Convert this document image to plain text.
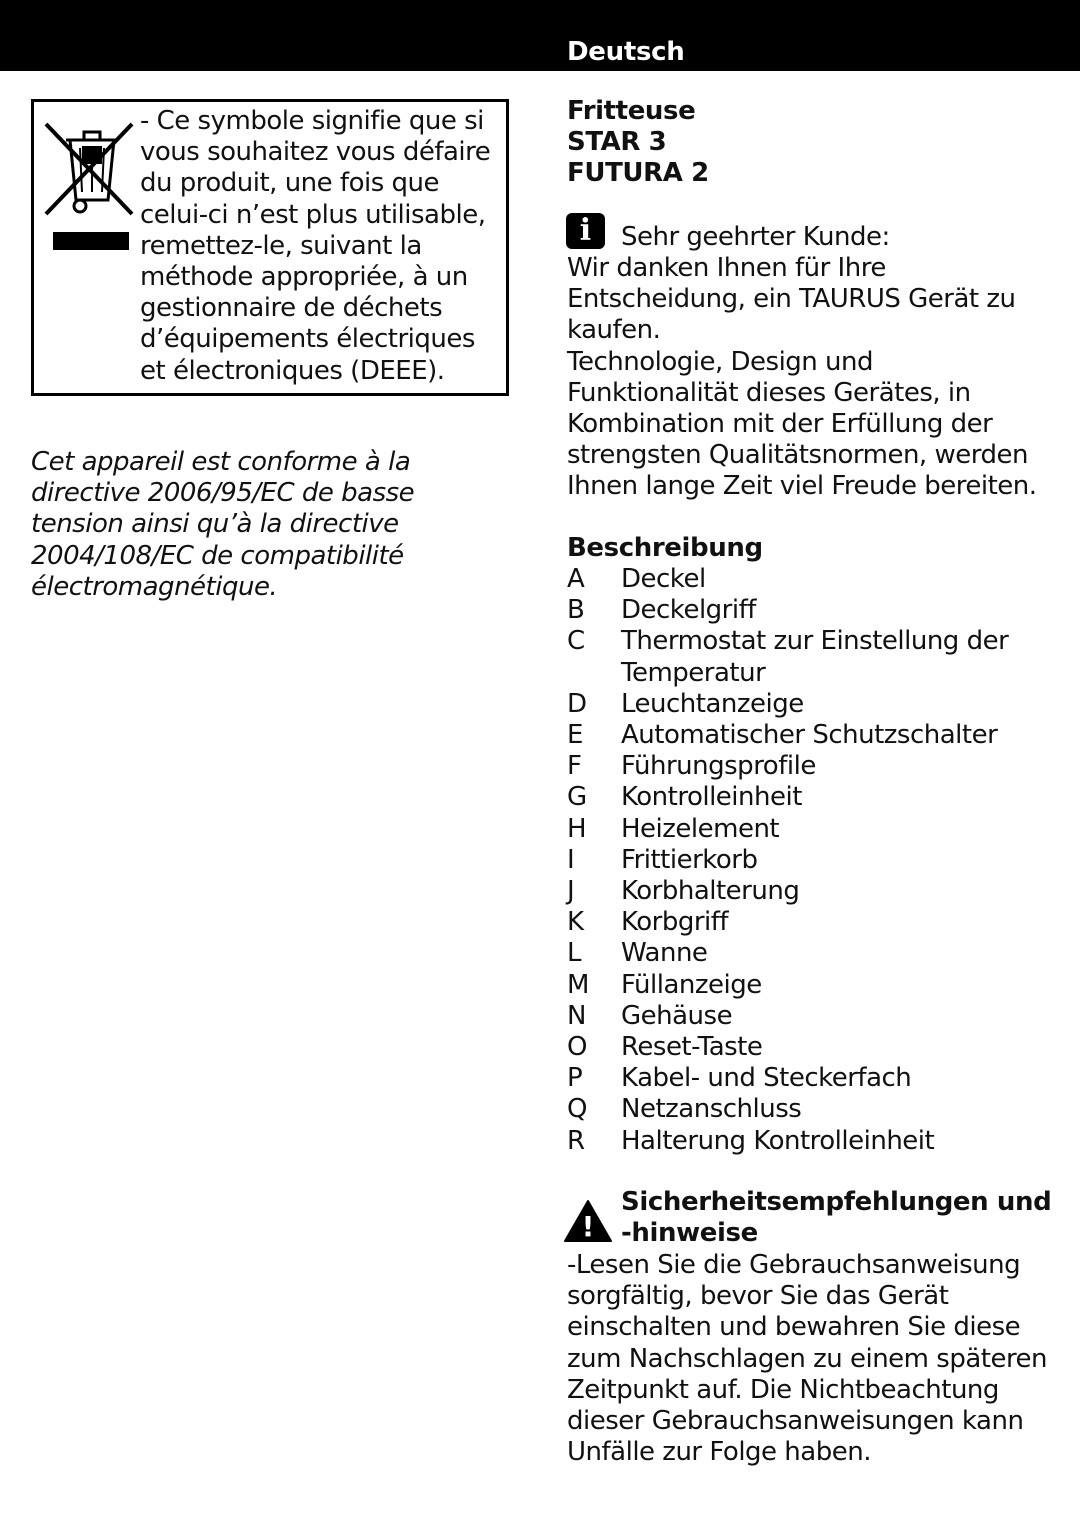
Deutsch
- Ce symbole signifie que si
vous souhaitez vous défaire
du produit, une fois que
celui-ci n’est plus utilisable,
remettez-le, suivant la
méthode appropriée, à un
gestionnaire de déchets
d’équipements électriques
et électroniques (DEEE).
Cet appareil est conforme à la
directive 2006/95/EC de basse
tension ainsi qu’à la directive
2004/108/EC de compatibilité
électromagnétique.
Fritteuse
STAR 3
FUTURA 2
i	Sehr geehrter Kunde:
Wir danken Ihnen für Ihre
Entscheidung, ein TAURUS Gerät zu
kaufen.
Technologie, Design und
Funktionalität dieses Gerätes, in
Kombination mit der Erfüllung der
strengsten Qualitätsnormen, werden
Ihnen lange Zeit viel Freude bereiten.
Beschreibung
A Deckel
B Deckelgriff
C Thermostat zur Einstellung der
Temperatur
D Leuchtanzeige
E Automatischer Schutzschalter
F Führungsprofile
G Kontrolleinheit
H Heizelement
I Frittierkorb
J Korbhalterung
K Korbgriff
L Wanne
M Füllanzeige
N Gehäuse
O Reset-Taste
P Kabel- und Steckerfach
Q Netzanschluss
R Halterung Kontrolleinheit
!
Sicherheitsempfehlungen und
-hinweise
-Lesen Sie die Gebrauchsanweisung
sorgfältig, bevor Sie das Gerät
einschalten und bewahren Sie diese
zum Nachschlagen zu einem späteren
Zeitpunkt auf. Die Nichtbeachtung
dieser Gebrauchsanweisungen kann
Unfälle zur Folge haben.
